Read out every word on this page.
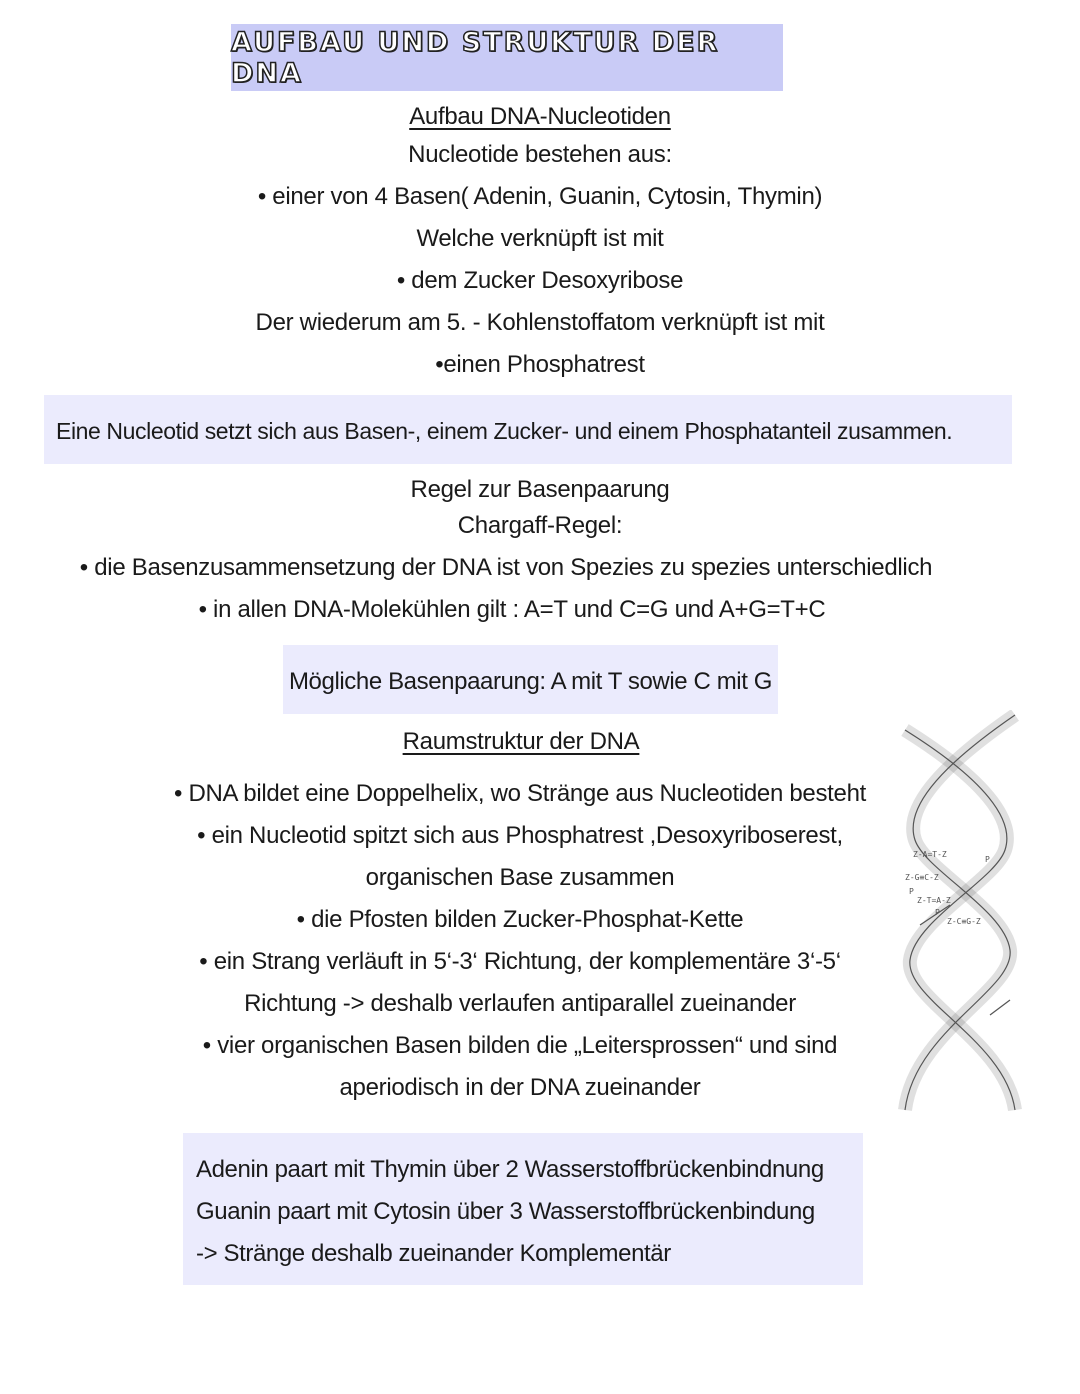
AUFBAU UND STRUKTUR DER DNA
Aufbau DNA-Nucleotiden
Nucleotide bestehen aus:
• einer von 4 Basen( Adenin, Guanin, Cytosin, Thymin)
Welche verknüpft ist mit
• dem Zucker Desoxyribose
Der wiederum am 5. - Kohlenstoffatom verknüpft ist mit
•einen Phosphatrest
Eine Nucleotid setzt sich aus Basen-, einem Zucker- und einem Phosphatanteil zusammen.
Regel zur Basenpaarung
Chargaff-Regel:
• die Basenzusammensetzung der DNA ist von Spezies zu spezies unterschiedlich
• in allen DNA-Molekühlen gilt : A=T und C=G und A+G=T+C
Mögliche Basenpaarung: A mit T sowie C mit G
Raumstruktur der DNA
• DNA bildet eine Doppelhelix, wo Stränge aus Nucleotiden besteht
• ein Nucleotid spitzt sich aus Phosphatrest ,Desoxyriboserest,
organischen Base zusammen
• die Pfosten bilden Zucker-Phosphat-Kette
• ein Strang verläuft in 5‘-3‘ Richtung, der komplementäre 3‘-5‘
Richtung -> deshalb verlaufen antiparallel zueinander
• vier organischen Basen bilden die „Leitersprossen“ und sind
aperiodisch in der DNA zueinander
Z-A=T-Z
Z-G≡C-Z
Z-T=A-Z
Z-C≡G-Z
P
P
P
Adenin paart mit Thymin über 2 Wasserstoffbrückenbindnung
Guanin paart mit Cytosin über 3 Wasserstoffbrückenbindung
-> Stränge deshalb zueinander Komplementär
